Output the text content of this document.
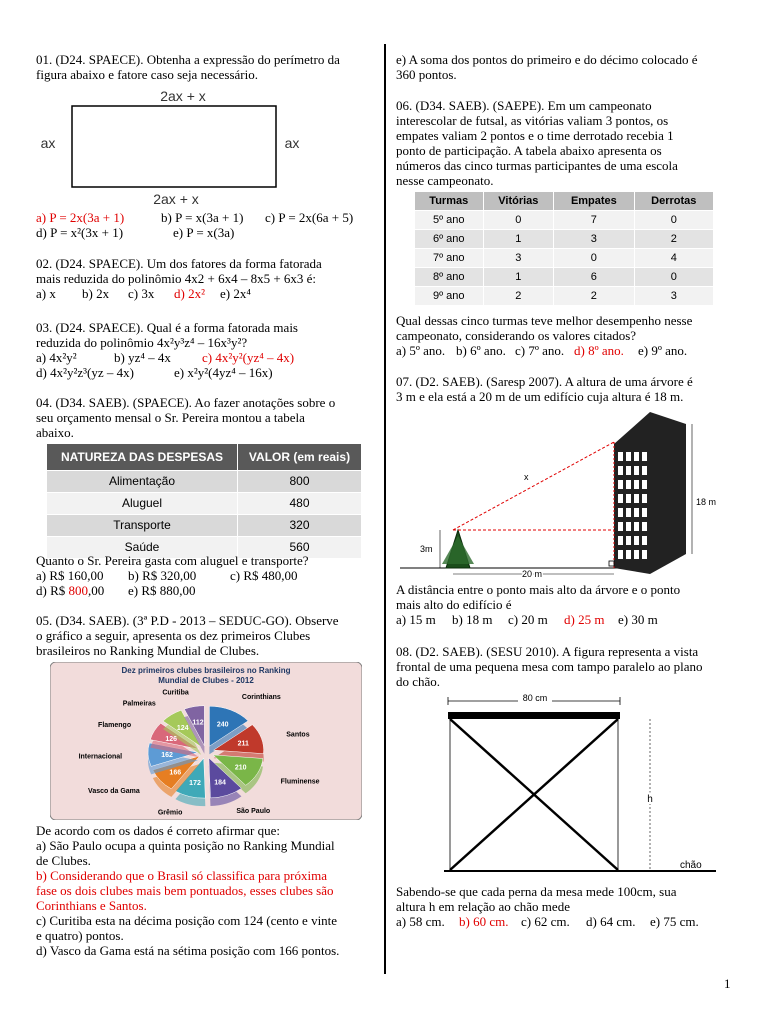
01. (D24. SPAECE). Obtenha a expressão do perímetro da

figura abaixo e fatore caso seja necessário.

2ax + x
2ax + x
ax	ax
a) P = 2x(3a + 1)	b) P = x(3a + 1) c) P = 2x(6a + 5)
d) P = x²(3x + 1)	e) P = x(3a)

02. (D24. SPAECE). Um dos fatores da forma fatorada

mais reduzida do polinômio 4x2 + 6x4 – 8x5 + 6x3 é:

a) x b) 2x c) 3x d) 2x² e) 2x⁴

03. (D24. SPAECE). Qual é a forma fatorada mais

reduzida do polinômio 4x²y³z⁴ – 16x³y²?

a) 4x²y²	b) yz⁴ – 4x c) 4x²y²(yz⁴ – 4x)
d) 4x²y²z³(yz – 4x)	e) x²y²(4yz⁴ – 16x)

04. (D34. SAEB). (SPAECE). Ao fazer anotações sobre o

seu orçamento mensal o Sr. Pereira montou a tabela

abaixo.

NATUREZA DAS DESPESAS	VALOR (em reais)
Alimentação	800
Aluguel	480
Transporte	320
Saúde	560

Quanto o Sr. Pereira gasta com aluguel e transporte?

a) R$ 160,00 b) R$ 320,00	c) R$ 480,00
d) R$ 800,00 e) R$ 880,00

05. (D34. SAEB). (3ª P.D - 2013 – SEDUC-GO). Observe

o gráfico a seguir, apresenta os dez primeiros Clubes

brasileiros no Ranking Mundial de Clubes.

Dez primeiros clubes brasileiros no Ranking
Mundial de Clubes - 2012
240
Corinthians
211
Santos
210
Fluminense
184
São Paulo
172
Grêmio
166
Vasco da Gama
162
Internacional
126
Flamengo	124
Palmeiras
112
Curitiba

De acordo com os dados é correto afirmar que:

a) São Paulo ocupa a quinta posição no Ranking Mundial

de Clubes.

b) Considerando que o Brasil só classifica para próxima

fase os dois clubes mais bem pontuados, esses clubes são

Corinthians e Santos.

c) Curitiba esta na décima posição com 124 (cento e vinte

e quatro) pontos.

d) Vasco da Gama está na sétima posição com 166 pontos.

e) A soma dos pontos do primeiro e do décimo colocado é

360 pontos.

06. (D34. SAEB). (SAEPE). Em um campeonato

interescolar de futsal, as vitórias valiam 3 pontos, os

empates valiam 2 pontos e o time derrotado recebia 1

ponto de participação. A tabela abaixo apresenta os

números das cinco turmas participantes de uma escola

nesse campeonato.

Turmas	Vitórias	Empates	Derrotas
5º ano	0	7	0
6º ano	1	3	2
7º ano	3	0	4
8º ano	1	6	0
9º ano	2	2	3

Qual dessas cinco turmas teve melhor desempenho nesse

campeonato, considerando os valores citados?

a) 5º ano. b) 6º ano. c) 7º ano. d) 8º ano. e) 9º ano.

07. (D2. SAEB). (Saresp 2007). A altura de uma árvore é

3 m e ela está a 20 m de um edifício cuja altura é 18 m.

3m
18 m
20 m
x

A distância entre o ponto mais alto da árvore e o ponto

mais alto do edifício é

a) 15 m b) 18 m c) 20 m d) 25 m e) 30 m

08. (D2. SAEB). (SESU 2010). A figura representa a vista

frontal de uma pequena mesa com tampo paralelo ao plano

do chão.

80 cm
h
chão

Sabendo-se que cada perna da mesa mede 100cm, sua

altura h em relação ao chão mede

a) 58 cm. b) 60 cm. c) 62 cm. d) 64 cm. e) 75 cm.
1
